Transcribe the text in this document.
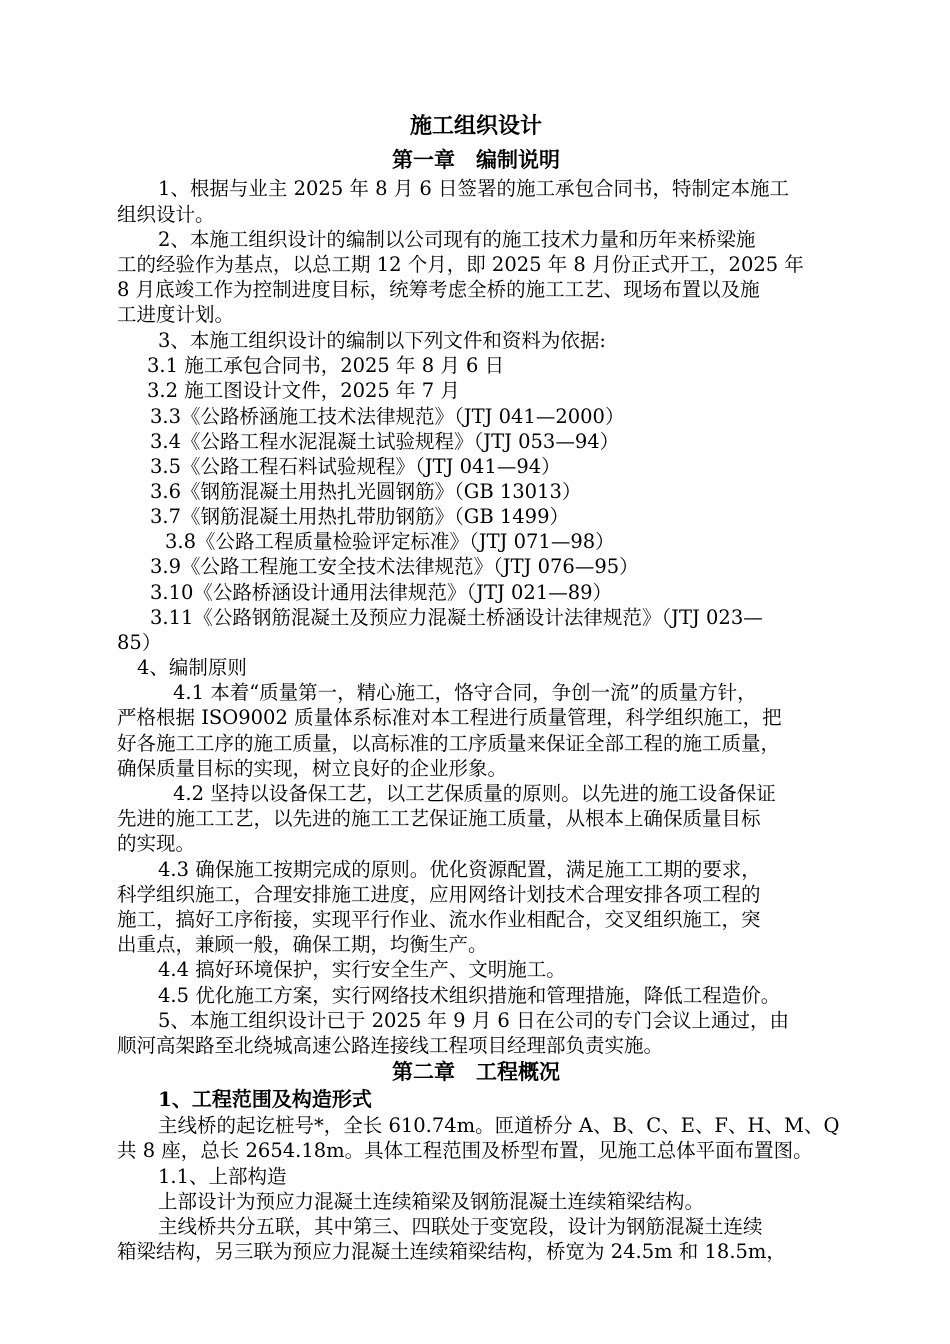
施工组织设计
第一章　编制说明
1、根据与业主 2025 年 8 月 6 日签署的施工承包合同书，特制定本施工
组织设计。
2、本施工组织设计的编制以公司现有的施工技术力量和历年来桥梁施
工的经验作为基点，以总工期 12 个月，即 2025 年 8 月份正式开工，2025 年
8 月底竣工作为控制进度目标，统筹考虑全桥的施工工艺、现场布置以及施
工进度计划。
3、本施工组织设计的编制以下列文件和资料为依据:
3.1 施工承包合同书，2025 年 8 月 6 日
3.2 施工图设计文件，2025 年 7 月
3.3《公路桥涵施工技术法律规范》（JTJ 041—2000）
3.4《公路工程水泥混凝土试验规程》（JTJ 053—94）
3.5《公路工程石料试验规程》（JTJ 041—94）
3.6《钢筋混凝土用热扎光圆钢筋》（GB 13013）
3.7《钢筋混凝土用热扎带肋钢筋》（GB 1499）
3.8《公路工程质量检验评定标准》（JTJ 071—98）
3.9《公路工程施工安全技术法律规范》（JTJ 076—95）
3.10《公路桥涵设计通用法律规范》（JTJ 021—89）
3.11《公路钢筋混凝土及预应力混凝土桥涵设计法律规范》（JTJ 023—
85）
4、编制原则
4.1 本着“质量第一，精心施工，恪守合同，争创一流”的质量方针，
严格根据 ISO9002 质量体系标准对本工程进行质量管理，科学组织施工，把
好各施工工序的施工质量，以高标准的工序质量来保证全部工程的施工质量，
确保质量目标的实现，树立良好的企业形象。
4.2 坚持以设备保工艺，以工艺保质量的原则。以先进的施工设备保证
先进的施工工艺，以先进的施工工艺保证施工质量，从根本上确保质量目标
的实现。
4.3 确保施工按期完成的原则。优化资源配置，满足施工工期的要求，
科学组织施工，合理安排施工进度，应用网络计划技术合理安排各项工程的
施工，搞好工序衔接，实现平行作业、流水作业相配合，交叉组织施工，突
出重点，兼顾一般，确保工期，均衡生产。
4.4 搞好环境保护，实行安全生产、文明施工。
4.5 优化施工方案，实行网络技术组织措施和管理措施，降低工程造价。
5、本施工组织设计已于 2025 年 9 月 6 日在公司的专门会议上通过，由
顺河高架路至北绕城高速公路连接线工程项目经理部负责实施。
第二章　工程概况
1、工程范围及构造形式
主线桥的起讫桩号*，全长 610.74m。匝道桥分 A、B、C、E、F、H、M、Q
共 8 座，总长 2654.18m。具体工程范围及桥型布置，见施工总体平面布置图。
1.1、上部构造
上部设计为预应力混凝土连续箱梁及钢筋混凝土连续箱梁结构。
主线桥共分五联，其中第三、四联处于变宽段，设计为钢筋混凝土连续
箱梁结构，另三联为预应力混凝土连续箱梁结构，桥宽为 24.5m 和 18.5m，
